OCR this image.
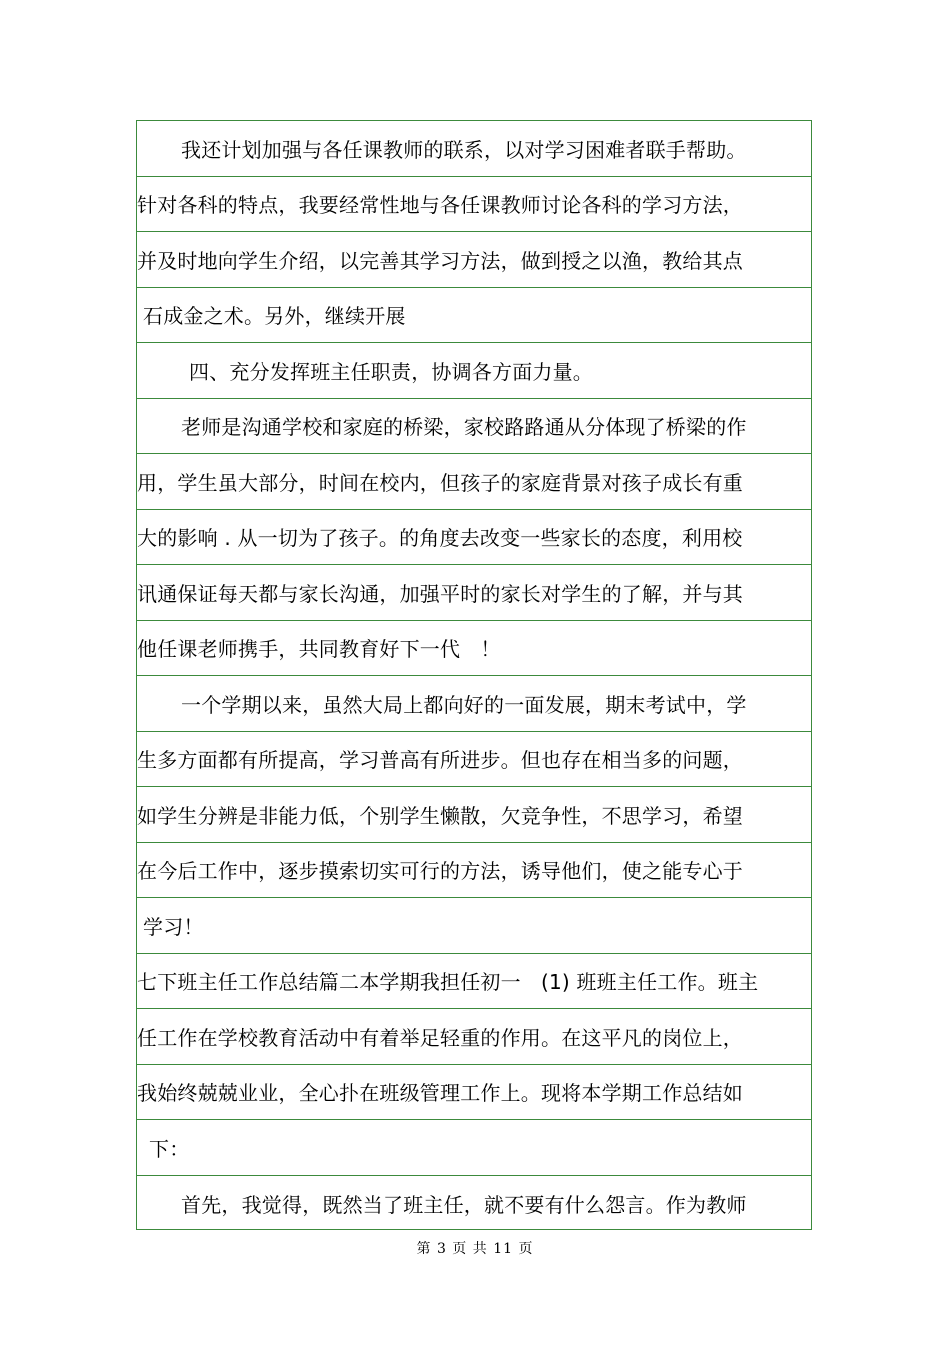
我还计划加强与各任课教师的联系，以对学习困难者联手帮助。
针对各科的特点，我要经常性地与各任课教师讨论各科的学习方法，
并及时地向学生介绍，以完善其学习方法，做到授之以渔，教给其点
石成金之术。另外，继续开展
四、充分发挥班主任职责，协调各方面力量。
老师是沟通学校和家庭的桥梁，家校路路通从分体现了桥梁的作
用，学生虽大部分，时间在校内，但孩子的家庭背景对孩子成长有重
大的影响 . 从一切为了孩子。的角度去改变一些家长的态度，利用校
讯通保证每天都与家长沟通，加强平时的家长对学生的了解，并与其
他任课老师携手，共同教育好下一代　！
一个学期以来，虽然大局上都向好的一面发展，期末考试中，学
生多方面都有所提高，学习普高有所进步。但也存在相当多的问题，
如学生分辨是非能力低，个别学生懒散，欠竞争性，不思学习，希望
在今后工作中，逐步摸索切实可行的方法，诱导他们，使之能专心于
学习！
七下班主任工作总结篇二本学期我担任初一　(1) 班班主任工作。班主
任工作在学校教育活动中有着举足轻重的作用。在这平凡的岗位上，
我始终兢兢业业，全心扑在班级管理工作上。现将本学期工作总结如
下：
首先，我觉得，既然当了班主任，就不要有什么怨言。作为教师
第 3 页 共 11 页
